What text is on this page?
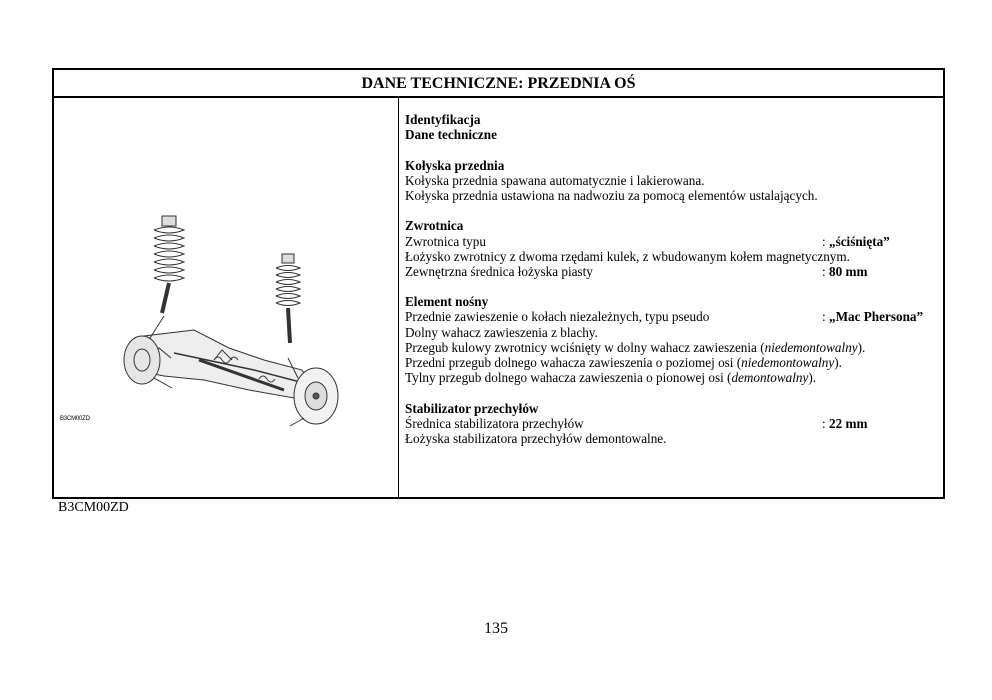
DANE TECHNICZNE: PRZEDNIA OŚ
B3CM00ZD
Identyfikacja
Dane techniczne
Kołyska przednia
Kołyska przednia spawana automatycznie i lakierowana.
Kołyska przednia ustawiona na nadwoziu za pomocą elementów ustalających.
Zwrotnica
Zwrotnica typu	: „ściśnięta”
Łożysko zwrotnicy z dwoma rzędami kulek, z wbudowanym kołem magnetycznym.
Zewnętrzna średnica łożyska piasty	: 80 mm
Element nośny
Przednie zawieszenie o kołach niezależnych, typu pseudo	: „Mac Phersona”
Dolny wahacz zawieszenia z blachy.
Przegub kulowy zwrotnicy wciśnięty w dolny wahacz zawieszenia (niedemontowalny).
Przedni przegub dolnego wahacza zawieszenia o poziomej osi (niedemontowalny).
Tylny przegub dolnego wahacza zawieszenia o pionowej osi (demontowalny).
Stabilizator przechyłów
Średnica stabilizatora przechyłów	: 22 mm
Łożyska stabilizatora przechyłów demontowalne.
B3CM00ZD
135
